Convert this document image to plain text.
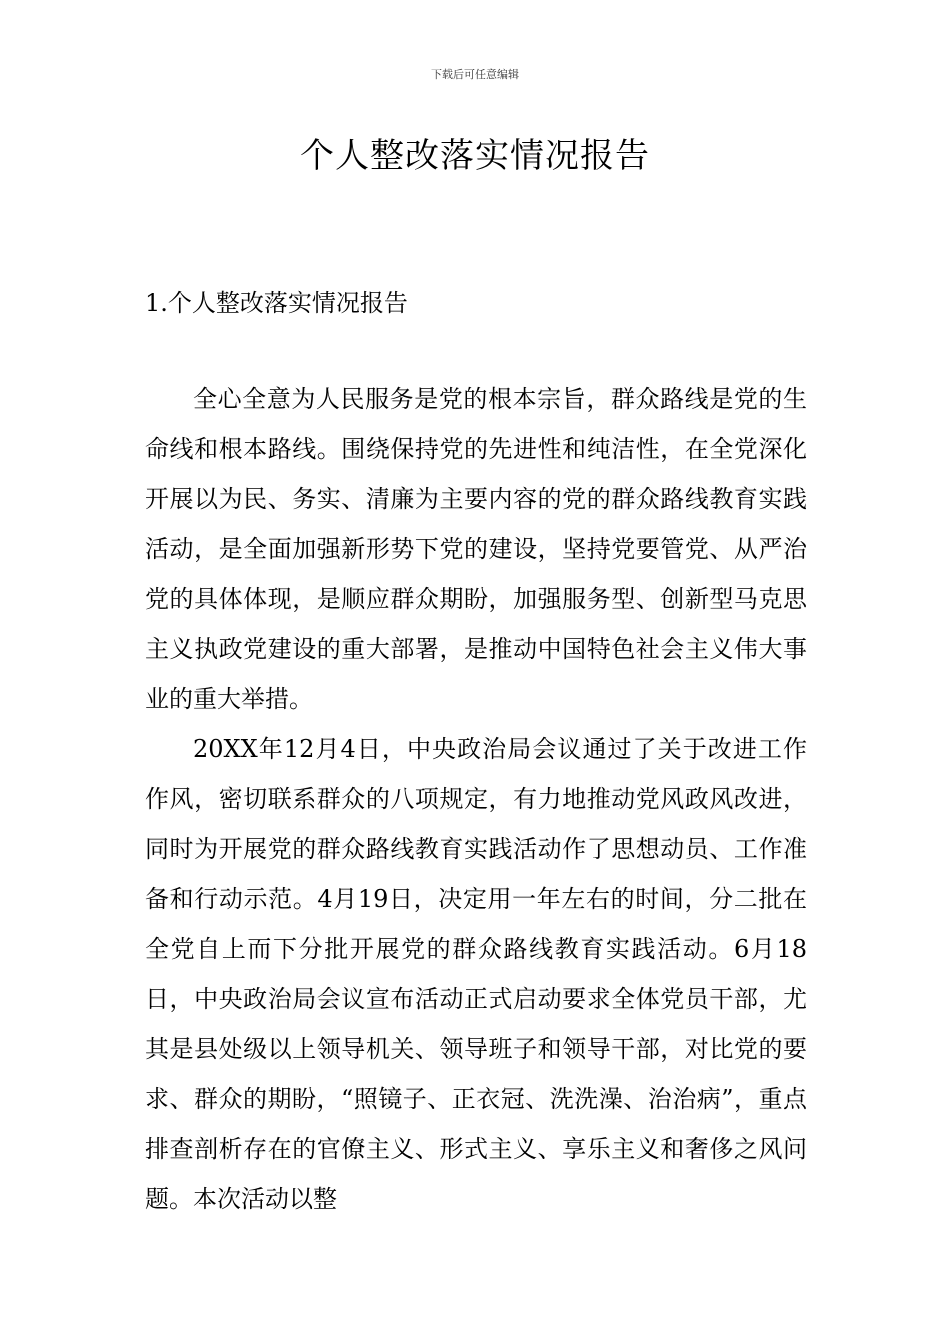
下载后可任意编辑
个人整改落实情况报告
1.个人整改落实情况报告

全心全意为人民服务是党的根本宗旨，群众路线是党的生命线和根本路线。围绕保持党的先进性和纯洁性，在全党深化开展以为民、务实、清廉为主要内容的党的群众路线教育实践活动，是全面加强新形势下党的建设，坚持党要管党、从严治党的具体体现，是顺应群众期盼，加强服务型、创新型马克思主义执政党建设的重大部署，是推动中国特色社会主义伟大事业的重大举措。

20XX年12月4日，中央政治局会议通过了关于改进工作作风，密切联系群众的八项规定，有力地推动党风政风改进，同时为开展党的群众路线教育实践活动作了思想动员、工作准备和行动示范。4月19日，决定用一年左右的时间，分二批在全党自上而下分批开展党的群众路线教育实践活动。6月18日，中央政治局会议宣布活动正式启动要求全体党员干部，尤其是县处级以上领导机关、领导班子和领导干部，对比党的要求、群众的期盼，“照镜子、正衣冠、洗洗澡、治治病”，重点排查剖析存在的官僚主义、形式主义、享乐主义和奢侈之风问题。本次活动以整
